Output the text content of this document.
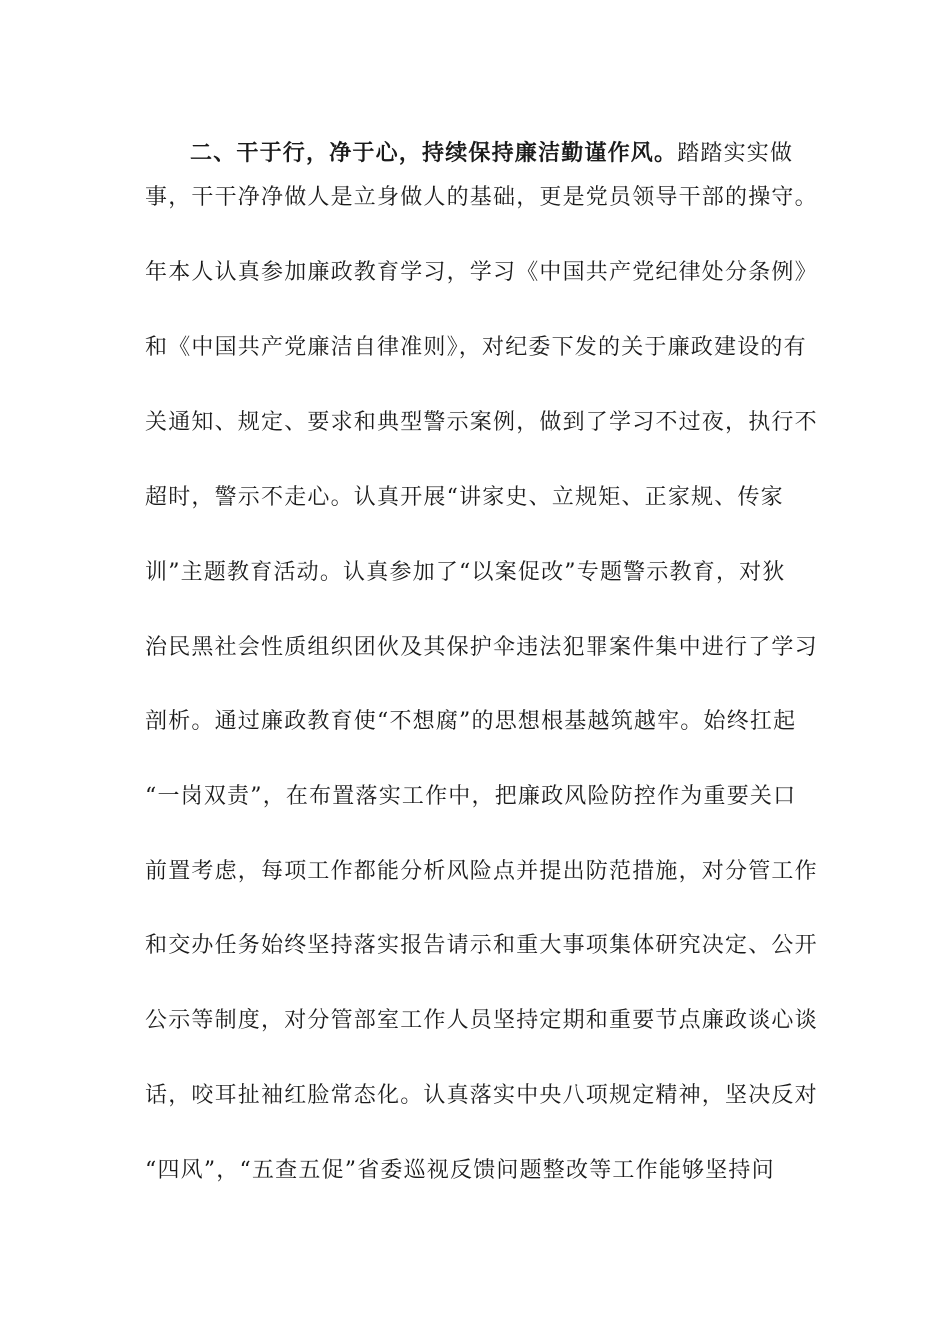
二、干于行，净于心，持续保持廉洁勤谨作风。踏踏实实做
事，干干净净做人是立身做人的基础，更是党员领导干部的操守。
年本人认真参加廉政教育学习，学习《中国共产党纪律处分条例》
和《中国共产党廉洁自律准则》，对纪委下发的关于廉政建设的有
关通知、规定、要求和典型警示案例，做到了学习不过夜，执行不
超时，警示不走心。认真开展“讲家史、立规矩、正家规、传家
训”主题教育活动。认真参加了“以案促改”专题警示教育，对狄
治民黑社会性质组织团伙及其保护伞违法犯罪案件集中进行了学习
剖析。通过廉政教育使“不想腐”的思想根基越筑越牢。始终扛起
“一岗双责”，在布置落实工作中，把廉政风险防控作为重要关口
前置考虑，每项工作都能分析风险点并提出防范措施，对分管工作
和交办任务始终坚持落实报告请示和重大事项集体研究决定、公开
公示等制度，对分管部室工作人员坚持定期和重要节点廉政谈心谈
话，咬耳扯袖红脸常态化。认真落实中央八项规定精神，坚决反对
“四风”，“五查五促”省委巡视反馈问题整改等工作能够坚持问
